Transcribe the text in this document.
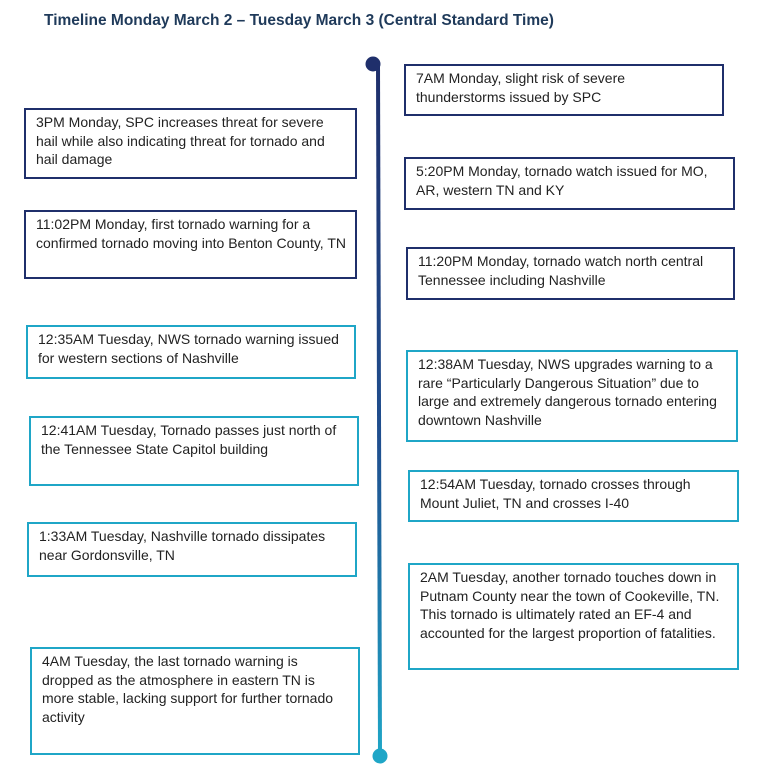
Timeline Monday March 2 – Tuesday March 3 (Central Standard Time)

7AM Monday, slight risk of severe thunderstorms issued by SPC

5:20PM Monday, tornado watch issued for MO, AR, western TN and KY

11:20PM Monday, tornado watch north central Tennessee including Nashville

12:38AM Tuesday, NWS upgrades warning to a rare “Particularly Dangerous Situation” due to large and extremely dangerous tornado entering downtown Nashville

12:54AM Tuesday, tornado crosses through Mount Juliet, TN and crosses I-40

2AM Tuesday, another tornado touches down in Putnam County near the town of Cookeville, TN. This tornado is ultimately rated an EF-4 and accounted for the largest proportion of fatalities.

3PM Monday, SPC increases threat for severe hail while also indicating threat for tornado and hail damage

11:02PM Monday, first tornado warning for a confirmed tornado moving into Benton County, TN

12:35AM Tuesday, NWS tornado warning issued for western sections of Nashville

12:41AM Tuesday, Tornado passes just north of the Tennessee State Capitol building

1:33AM Tuesday, Nashville tornado dissipates near Gordonsville, TN

4AM Tuesday, the last tornado warning is dropped as the atmosphere in eastern TN is more stable, lacking support for further tornado activity
